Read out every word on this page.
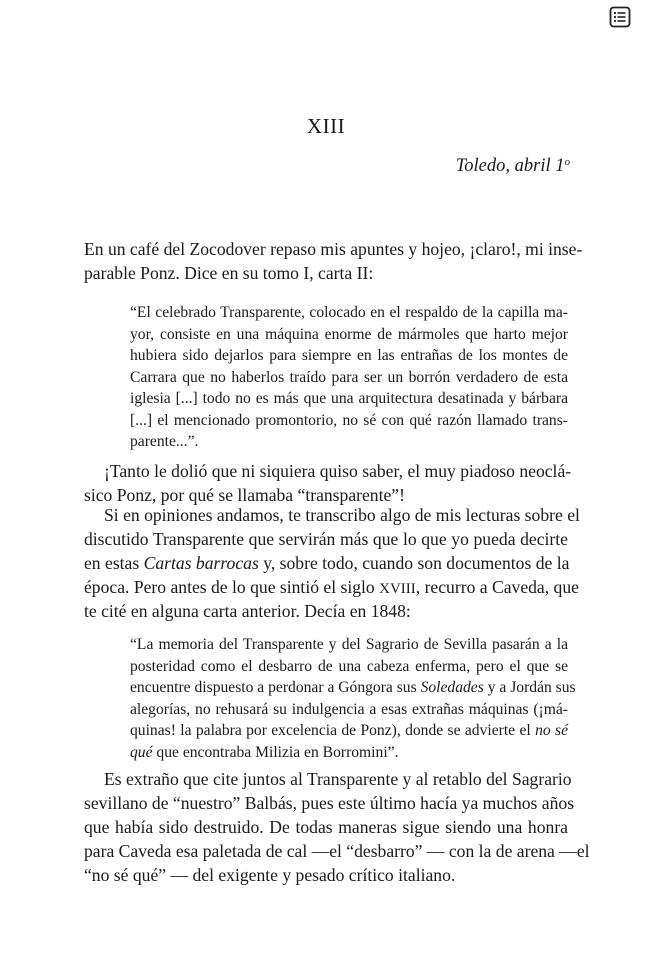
XIII
Toledo, abril 1$^o$

En un café del Zocodover repaso mis apuntes y hojeo, ¡claro!, mi inse-
parable Ponz. Dice en su tomo I, carta II:

“El celebrado Transparente, colocado en el respaldo de la capilla ma-
yor, consiste en una máquina enorme de mármoles que harto mejor
hubiera sido dejarlos para siempre en las entrañas de los montes de
Carrara que no haberlos traído para ser un borrón verdadero de esta
iglesia [...] todo no es más que una arquitectura desatinada y bárbara
[...] el mencionado promontorio, no sé con qué razón llamado trans-
parente...”.

¡Tanto le dolió que ni siquiera quiso saber, el muy piadoso neoclá-
sico Ponz, por qué se llamaba “transparente”!

Si en opiniones andamos, te transcribo algo de mis lecturas sobre el
discutido Transparente que servirán más que lo que yo pueda decirte
en estas Cartas barrocas y, sobre todo, cuando son documentos de la
época. Pero antes de lo que sintió el siglo XVIII, recurro a Caveda, que
te cité en alguna carta anterior. Decía en 1848:

“La memoria del Transparente y del Sagrario de Sevilla pasarán a la
posteridad como el desbarro de una cabeza enferma, pero el que se
encuentre dispuesto a perdonar a Góngora sus Soledades y a Jordán sus
alegorías, no rehusará su indulgencia a esas extrañas máquinas (¡má-
quinas! la palabra por excelencia de Ponz), donde se advierte el no sé
qué que encontraba Milizia en Borromini”.

Es extraño que cite juntos al Transparente y al retablo del Sagrario
sevillano de “nuestro” Balbás, pues este último hacía ya muchos años
que había sido destruido. De todas maneras sigue siendo una honra
para Caveda esa paletada de cal —el “desbarro” — con la de arena —el
“no sé qué” — del exigente y pesado crítico italiano.
